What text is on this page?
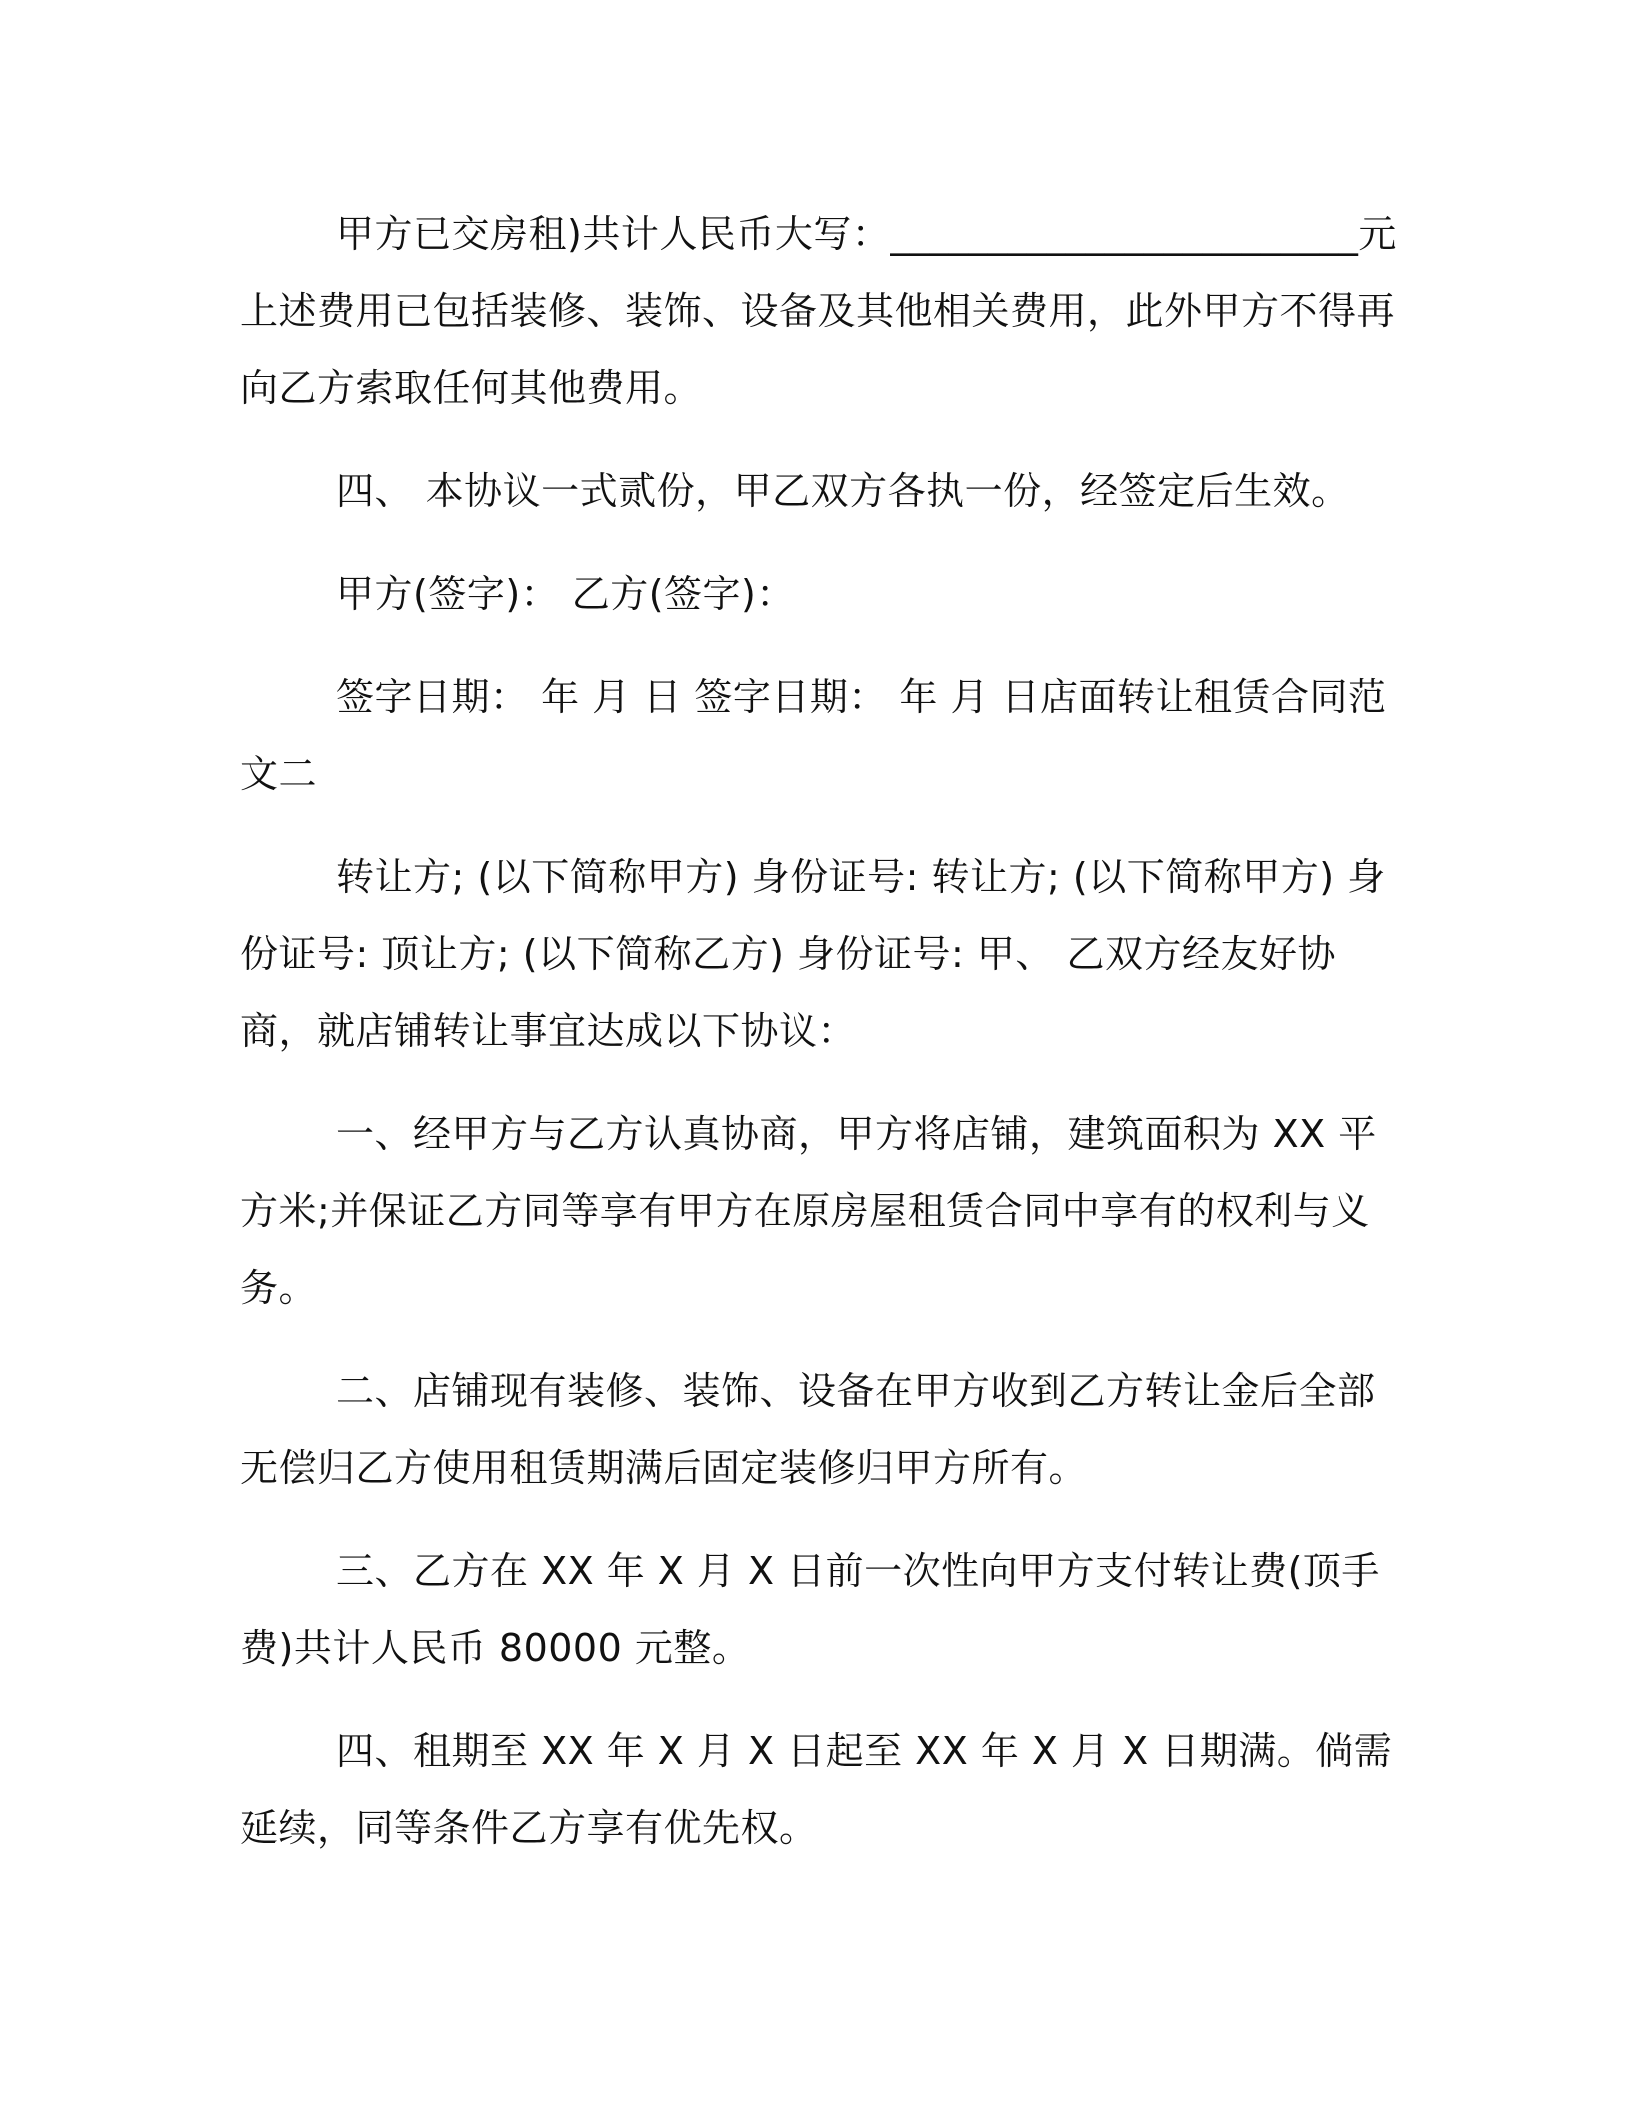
甲方已交房租)共计人民币大写：________________________元上述费用已包括装修、装饰、设备及其他相关费用，此外甲方不得再向乙方索取任何其他费用。

四、 本协议一式贰份，甲乙双方各执一份，经签定后生效。

甲方(签字)： 乙方(签字)：

签字日期： 年 月 日 签字日期： 年 月 日店面转让租赁合同范文二

转让方; (以下简称甲方) 身份证号: 转让方; (以下简称甲方) 身份证号: 顶让方; (以下简称乙方) 身份证号: 甲、 乙双方经友好协商，就店铺转让事宜达成以下协议：

一、经甲方与乙方认真协商，甲方将店铺，建筑面积为 XX 平方米;并保证乙方同等享有甲方在原房屋租赁合同中享有的权利与义务。

二、店铺现有装修、装饰、设备在甲方收到乙方转让金后全部无偿归乙方使用租赁期满后固定装修归甲方所有。

三、乙方在 XX 年 X 月 X 日前一次性向甲方支付转让费(顶手费)共计人民币 80000 元整。

四、租期至 XX 年 X 月 X 日起至 XX 年 X 月 X 日期满。倘需延续，同等条件乙方享有优先权。
